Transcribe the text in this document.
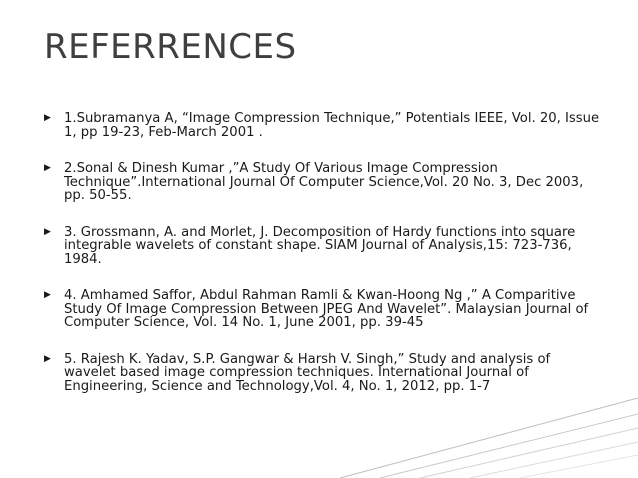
REFERRENCES
▶ 1.Subramanya A, “Image Compression Technique,” Potentials IEEE, Vol. 20, Issue 1, pp 19-23, Feb-March 2001 .
▶ 2.Sonal & Dinesh Kumar ,”A Study Of Various Image Compression Technique”.International Journal Of Computer Science,Vol. 20 No. 3, Dec 2003, pp. 50-55.
▶ 3. Grossmann, A. and Morlet, J. Decomposition of Hardy functions into square integrable wavelets of constant shape. SIAM Journal of Analysis,15: 723-736, 1984.
▶ 4. Amhamed Saffor, Abdul Rahman Ramli & Kwan-Hoong Ng ,” A Comparitive Study Of Image Compression Between JPEG And Wavelet”. Malaysian Journal of Computer Science, Vol. 14 No. 1, June 2001, pp. 39-45
▶ 5. Rajesh K. Yadav, S.P. Gangwar & Harsh V. Singh,” Study and analysis of wavelet based image compression techniques. International Journal of Engineering, Science and Technology,Vol. 4, No. 1, 2012, pp. 1-7
